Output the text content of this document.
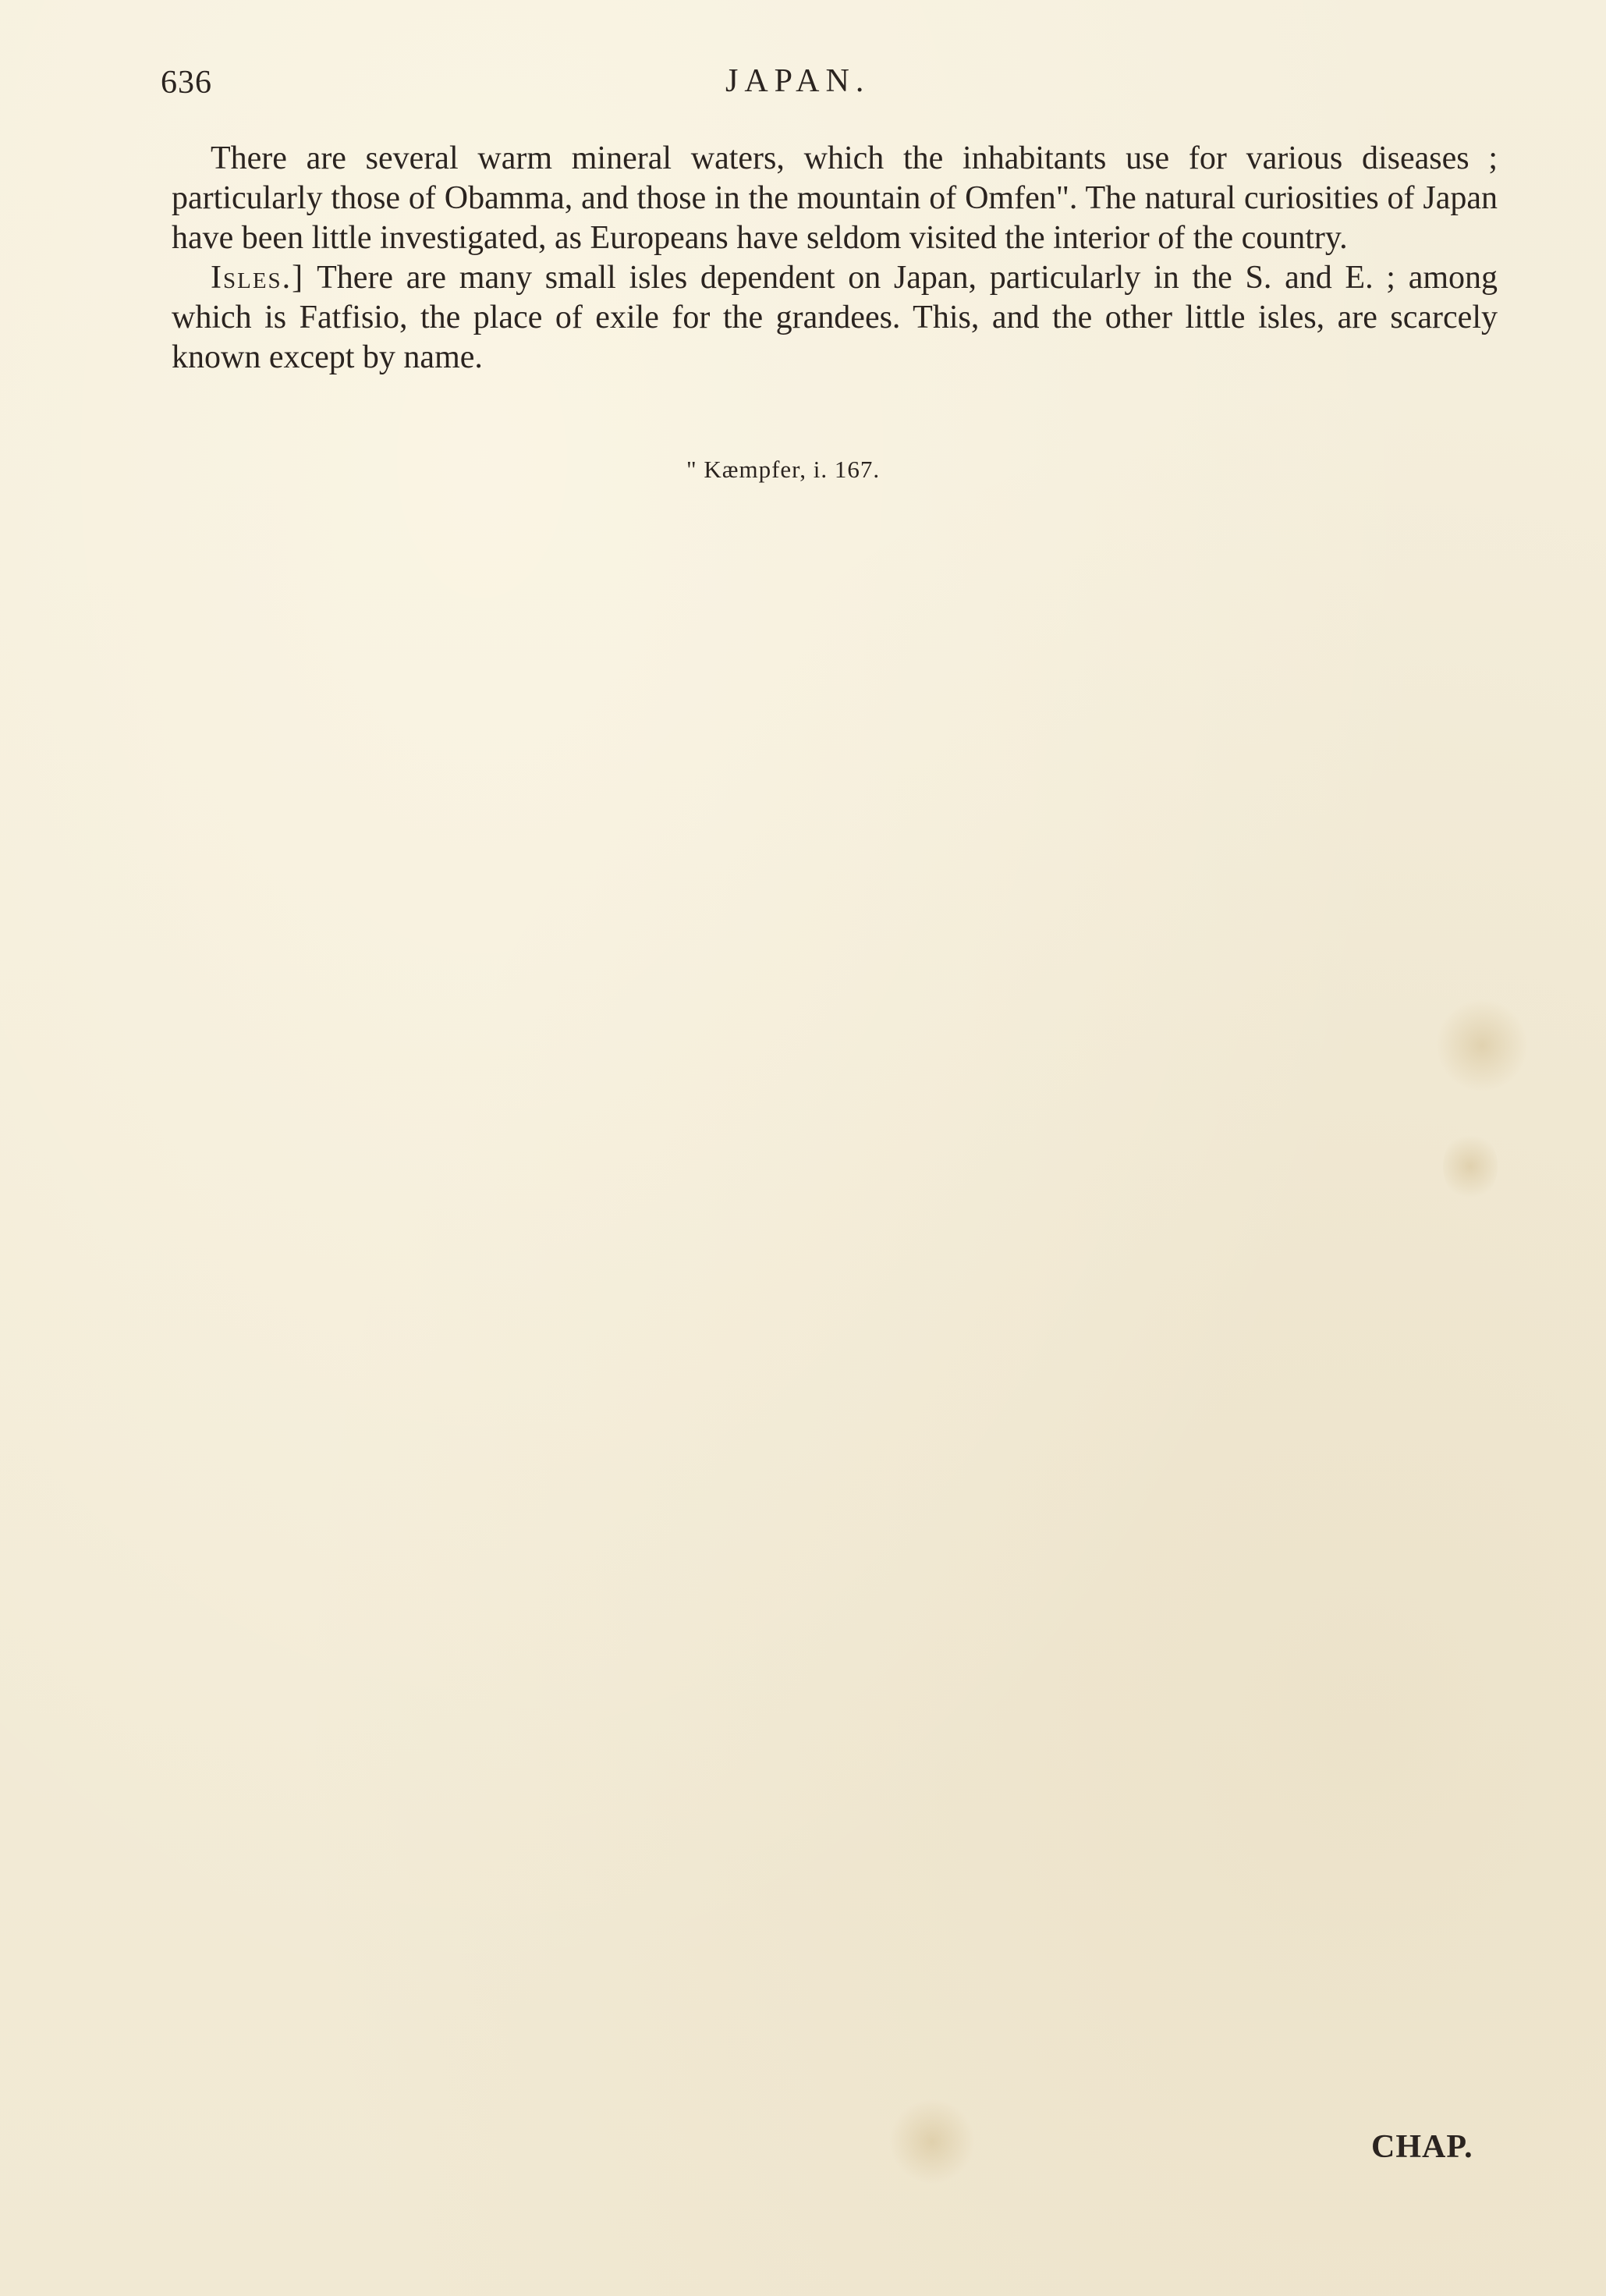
636	JAPAN.

There are several warm mineral waters, which the inhabitants use for various diseases ; particularly those of Obamma, and those in the mountain of Omfen". The natural curiosities of Japan have been little investigated, as Europeans have seldom visited the interior of the country.

Isles.] There are many small isles dependent on Japan, particularly in the S. and E. ; among which is Fatfisio, the place of exile for the grandees. This, and the other little isles, are scarcely known except by name.

" Kæmpfer, i. 167.
CHAP.
